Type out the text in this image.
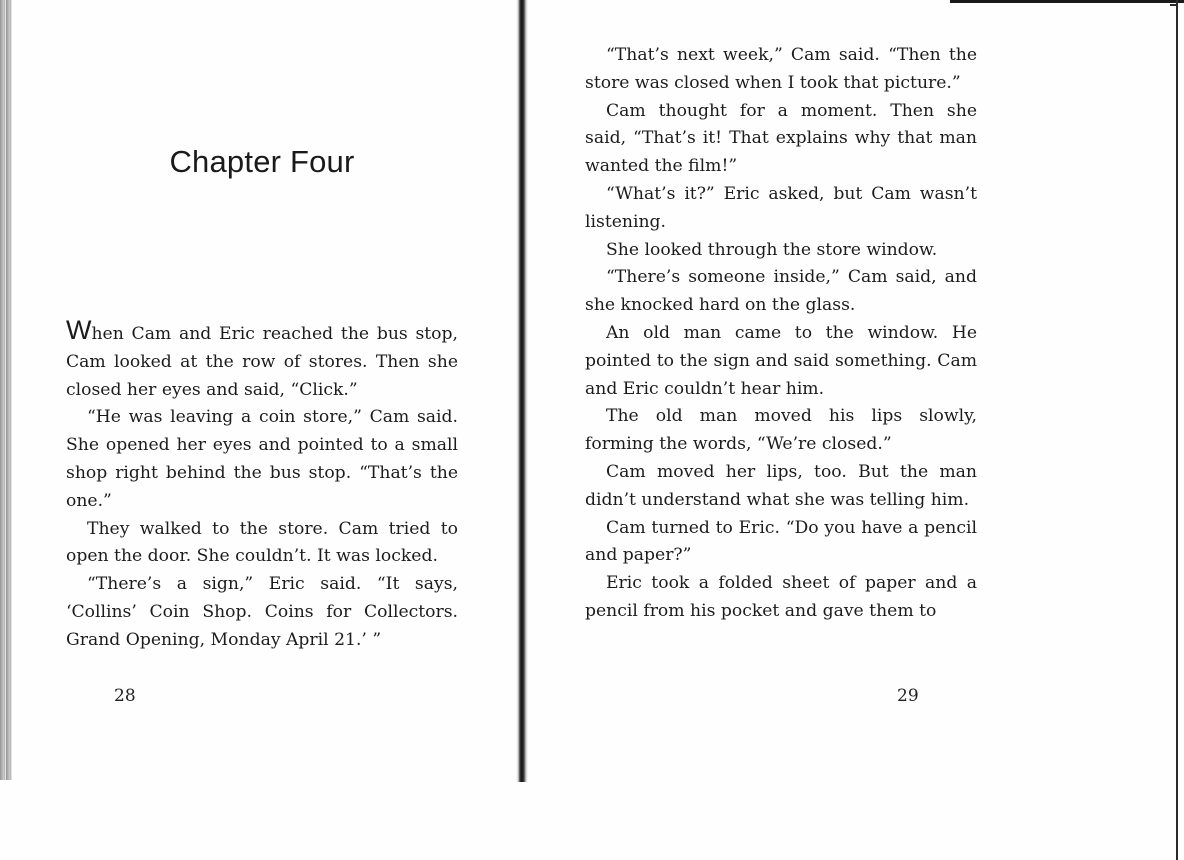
Chapter Four

When Cam and Eric reached the bus stop, Cam looked at the row of stores. Then she closed her eyes and said, “Click.”

“He was leaving a coin store,” Cam said. She opened her eyes and pointed to a small shop right behind the bus stop. “That’s the one.”

They walked to the store. Cam tried to open the door. She couldn’t. It was locked.

“There’s a sign,” Eric said. “It says, ‘Collins’ Coin Shop. Coins for Collectors. Grand Opening, Monday April 21.’ ”

28

“That’s next week,” Cam said. “Then the store was closed when I took that picture.”

Cam thought for a moment. Then she said, “That’s it! That explains why that man wanted the film!”

“What’s it?” Eric asked, but Cam wasn’t listening.

She looked through the store window.

“There’s someone inside,” Cam said, and she knocked hard on the glass.

An old man came to the window. He pointed to the sign and said something. Cam and Eric couldn’t hear him.

The old man moved his lips slowly, forming the words, “We’re closed.”

Cam moved her lips, too. But the man didn’t understand what she was telling him.

Cam turned to Eric. “Do you have a pencil and paper?”

Eric took a folded sheet of paper and a pencil from his pocket and gave them to

29
